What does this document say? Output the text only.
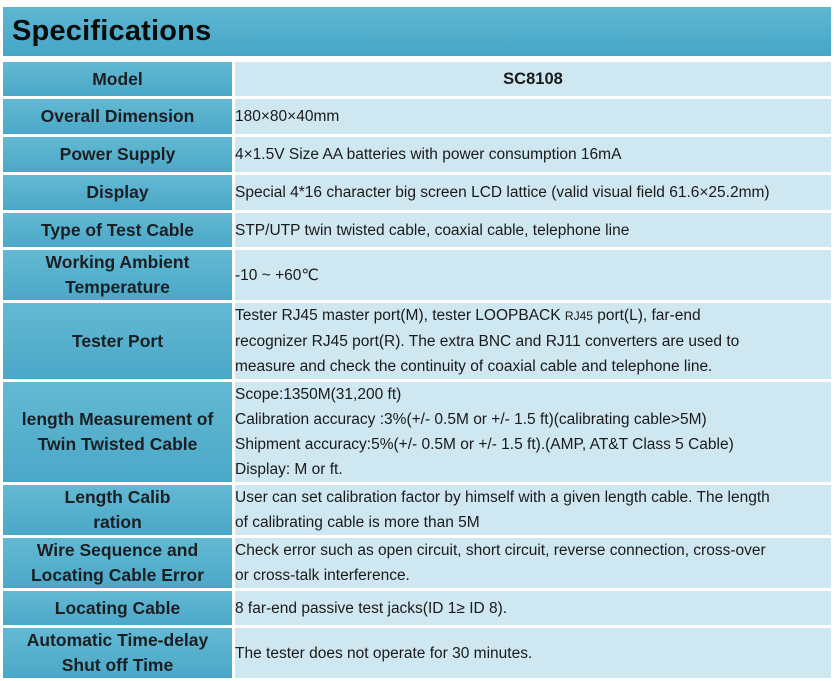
Specifications
Model	SC8108

Overall Dimension	180×80×40mm

Power Supply	4×1.5V Size AA batteries with power consumption 16mA

Display	Special 4*16 character big screen LCD lattice (valid visual field 61.6×25.2mm)

Type of Test Cable	STP/UTP twin twisted cable, coaxial cable, telephone line

Working Ambient
Temperature	-10 ~ +60℃

Tester Port	Tester RJ45 master port(M), tester LOOPBACK RJ45 port(L), far-end
recognizer RJ45 port(R). The extra BNC and RJ11 converters are used to
measure and check the continuity of coaxial cable and telephone line.

length Measurement of
Twin Twisted Cable	Scope:1350M(31,200 ft)
Calibration accuracy :3%(+/- 0.5M or +/- 1.5 ft)(calibrating cable>5M)
Shipment accuracy:5%(+/- 0.5M or +/- 1.5 ft).(AMP, AT&T Class 5 Cable)
Display: M or ft.

Length Calib
ration	User can set calibration factor by himself with a given length cable. The length
of calibrating cable is more than 5M

Wire Sequence and
Locating Cable Error	Check error such as open circuit, short circuit, reverse connection, cross-over
or cross-talk interference.

Locating Cable	8 far-end passive test jacks(ID 1≥ ID 8).

Automatic Time-delay
Shut off Time	The tester does not operate for 30 minutes.
